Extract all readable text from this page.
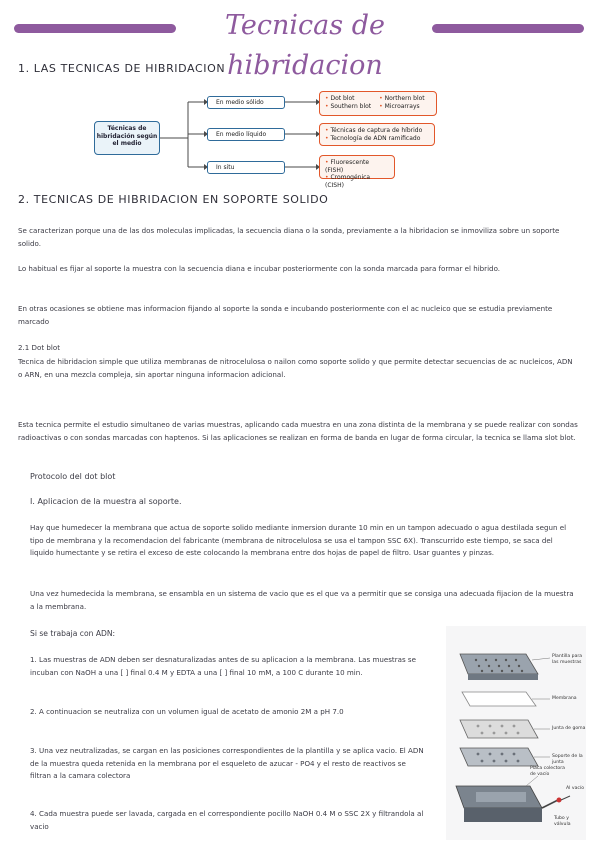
Tecnicas de hibridacion
1. LAS TECNICAS DE HIBRIDACION
Técnicas de hibridación según el medio
En medio sólido
En medio líquido
In situ
• Dot blot
• Southern blot
• Northern blot
• Microarrays
• Técnicas de captura de híbrido
• Tecnología de ADN ramificado
• Fluorescente (FISH)
• Cromogénica (CISH)
2. TECNICAS DE HIBRIDACION EN SOPORTE SOLIDO
Se caracterizan porque una de las dos moleculas implicadas, la secuencia diana o la sonda, previamente a la hibridacion se inmoviliza sobre un soporte solido.
Lo habitual es fijar al soporte la muestra con la secuencia diana e incubar posteriormente con la sonda marcada para formar el hibrido.
En otras ocasiones se obtiene mas informacion fijando al soporte la sonda e incubando posteriormente con el ac nucleico que se estudia previamente marcado
2.1 Dot blot
Tecnica de hibridacion simple que utiliza membranas de nitrocelulosa o nailon como soporte solido y que permite detectar secuencias de ac nucleicos, ADN o ARN, en una mezcla compleja, sin aportar ninguna informacion adicional.
Esta tecnica permite el estudio simultaneo de varias muestras, aplicando cada muestra en una zona distinta de la membrana y se puede realizar con sondas radioactivas o con sondas marcadas con haptenos. Si las aplicaciones se realizan en forma de banda en lugar de forma circular, la tecnica se llama slot blot.
Protocolo del dot blot
I. Aplicacion de la muestra al soporte.
Hay que humedecer la membrana que actua de soporte solido mediante inmersion durante 10 min en un tampon adecuado o agua destilada segun el tipo de membrana y la recomendacion del fabricante (membrana de nitrocelulosa se usa el tampon SSC 6X). Transcurrido este tiempo, se saca del liquido humectante y se retira el exceso de este colocando la membrana entre dos hojas de papel de filtro. Usar guantes y pinzas.
Una vez humedecida la membrana, se ensambla en un sistema de vacio que es el que va a permitir que se consiga una adecuada fijacion de la muestra a la membrana.
Si se trabaja con ADN:
1. Las muestras de ADN deben ser desnaturalizadas antes de su aplicacion a la membrana. Las muestras se incuban con NaOH a una [ ] final 0.4 M y EDTA a una [ ] final 10 mM, a 100 C durante 10 min.
2. A continuacion se neutraliza con un volumen igual de acetato de amonio 2M a pH 7.0
3. Una vez neutralizadas, se cargan en las posiciones correspondientes de la plantilla y se aplica vacio. El ADN de la muestra queda retenida en la membrana por el esqueleto de azucar - PO4 y el resto de reactivos se filtran a la camara colectora
4. Cada muestra puede ser lavada, cargada en el correspondiente pocillo NaOH 0.4 M o SSC 2X y filtrandola al vacio
Plantilla para las muestras
Membrana
Junta de goma
Soporte de la junta
Placa colectora de vacío
Tubo y válvula
Al vacío
